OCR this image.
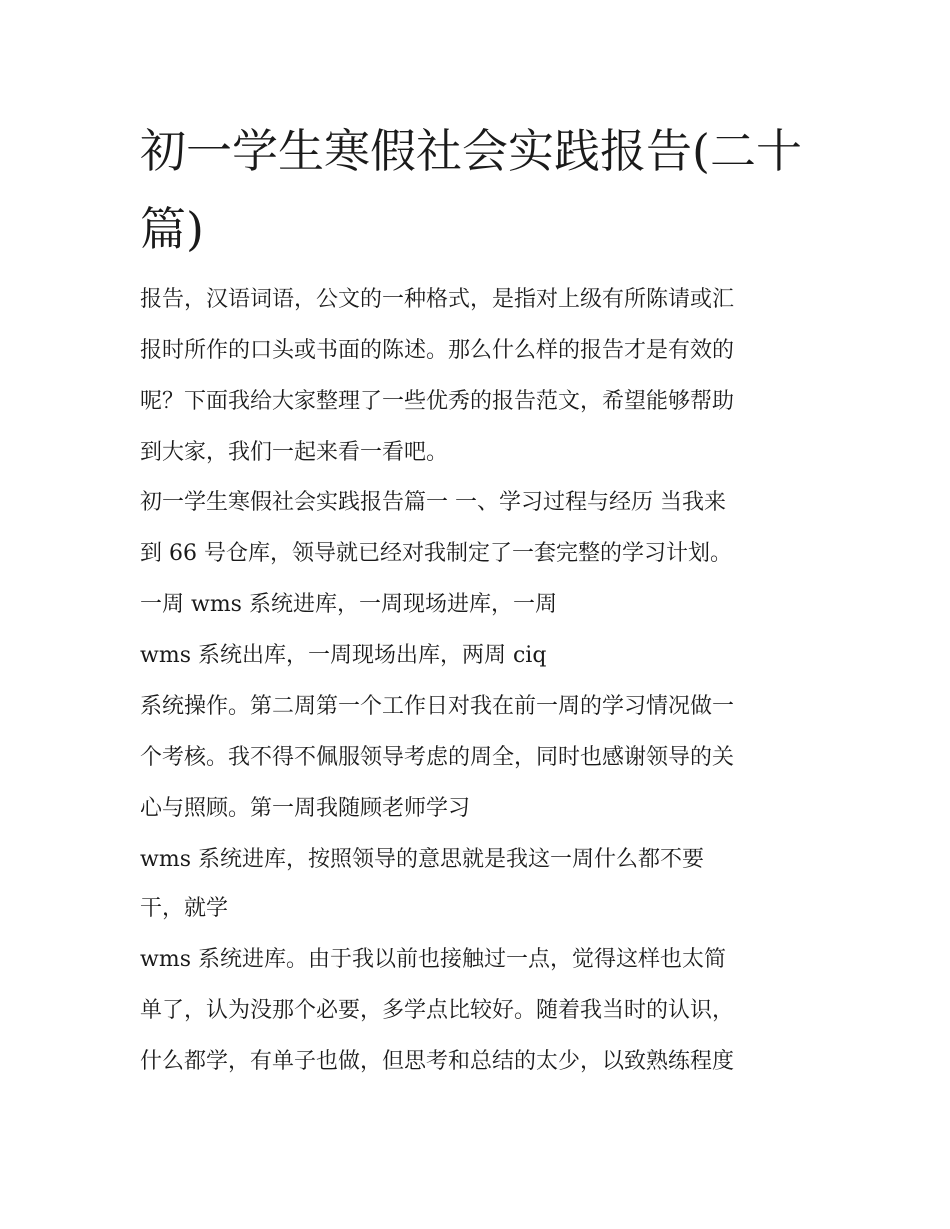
初一学生寒假社会实践报告(二十篇)

报告，汉语词语，公文的一种格式，是指对上级有所陈请或汇

报时所作的口头或书面的陈述。那么什么样的报告才是有效的

呢？下面我给大家整理了一些优秀的报告范文，希望能够帮助

到大家，我们一起来看一看吧。

初一学生寒假社会实践报告篇一 一、学习过程与经历 当我来

到 66 号仓库，领导就已经对我制定了一套完整的学习计划。

一周 wms 系统进库，一周现场进库，一周

wms 系统出库，一周现场出库，两周 ciq

系统操作。第二周第一个工作日对我在前一周的学习情况做一

个考核。我不得不佩服领导考虑的周全，同时也感谢领导的关

心与照顾。第一周我随顾老师学习

wms 系统进库，按照领导的意思就是我这一周什么都不要

干，就学

wms 系统进库。由于我以前也接触过一点，觉得这样也太简

单了，认为没那个必要，多学点比较好。随着我当时的认识，

什么都学，有单子也做，但思考和总结的太少，以致熟练程度
